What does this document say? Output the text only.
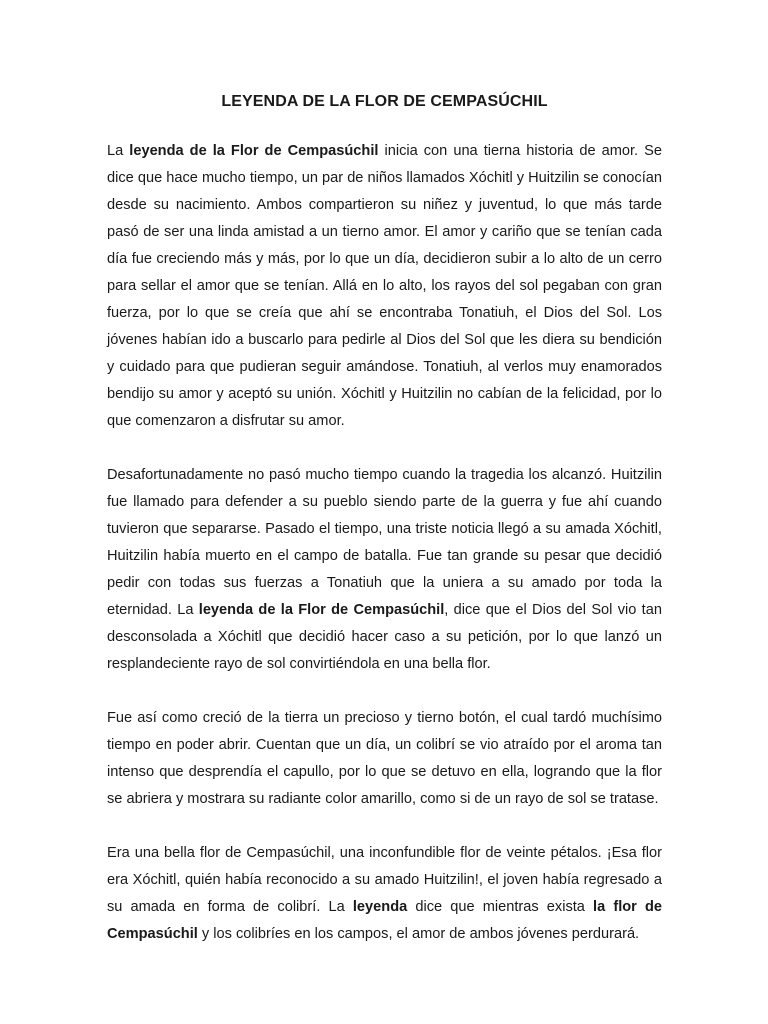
LEYENDA DE LA FLOR DE CEMPASÚCHIL

La leyenda de la Flor de Cempasúchil inicia con una tierna historia de amor. Se dice que hace mucho tiempo, un par de niños llamados Xóchitl y Huitzilin se conocían desde su nacimiento. Ambos compartieron su niñez y juventud, lo que más tarde pasó de ser una linda amistad a un tierno amor. El amor y cariño que se tenían cada día fue creciendo más y más, por lo que un día, decidieron subir a lo alto de un cerro para sellar el amor que se tenían. Allá en lo alto, los rayos del sol pegaban con gran fuerza, por lo que se creía que ahí se encontraba Tonatiuh, el Dios del Sol. Los jóvenes habían ido a buscarlo para pedirle al Dios del Sol que les diera su bendición y cuidado para que pudieran seguir amándose. Tonatiuh, al verlos muy enamorados bendijo su amor y aceptó su unión. Xóchitl y Huitzilin no cabían de la felicidad, por lo que comenzaron a disfrutar su amor.

Desafortunadamente no pasó mucho tiempo cuando la tragedia los alcanzó. Huitzilin fue llamado para defender a su pueblo siendo parte de la guerra y fue ahí cuando tuvieron que separarse. Pasado el tiempo, una triste noticia llegó a su amada Xóchitl, Huitzilin había muerto en el campo de batalla. Fue tan grande su pesar que decidió pedir con todas sus fuerzas a Tonatiuh que la uniera a su amado por toda la eternidad. La leyenda de la Flor de Cempasúchil, dice que el Dios del Sol vio tan desconsolada a Xóchitl que decidió hacer caso a su petición, por lo que lanzó un resplandeciente rayo de sol convirtiéndola en una bella flor.

Fue así como creció de la tierra un precioso y tierno botón, el cual tardó muchísimo tiempo en poder abrir. Cuentan que un día, un colibrí se vio atraído por el aroma tan intenso que desprendía el capullo, por lo que se detuvo en ella, logrando que la flor se abriera y mostrara su radiante color amarillo, como si de un rayo de sol se tratase.

Era una bella flor de Cempasúchil, una inconfundible flor de veinte pétalos. ¡Esa flor era Xóchitl, quién había reconocido a su amado Huitzilin!, el joven había regresado a su amada en forma de colibrí. La leyenda dice que mientras exista la flor de Cempasúchil y los colibríes en los campos, el amor de ambos jóvenes perdurará.
